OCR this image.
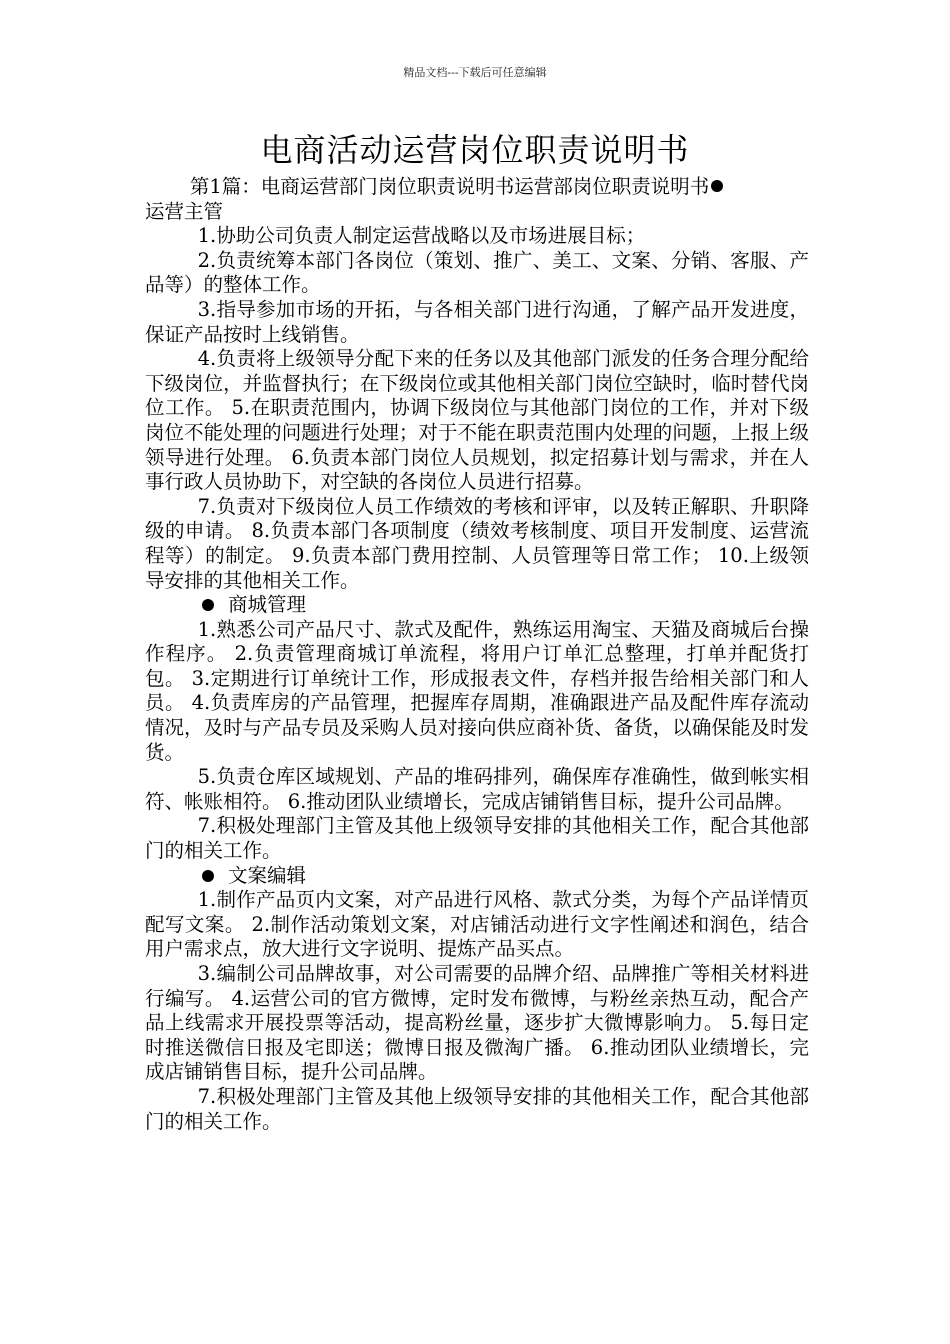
精品文档---下载后可任意编辑
电商活动运营岗位职责说明书

第1篇：电商运营部门岗位职责说明书运营部岗位职责说明书
运营主管

1.协助公司负责人制定运营战略以及市场进展目标；

2.负责统筹本部门各岗位（策划、推广、美工、文案、分销、客服、产品等）的整体工作。

3.指导参加市场的开拓，与各相关部门进行沟通，了解产品开发进度，保证产品按时上线销售。

4.负责将上级领导分配下来的任务以及其他部门派发的任务合理分配给下级岗位，并监督执行；在下级岗位或其他相关部门岗位空缺时，临时替代岗位工作。 5.在职责范围内，协调下级岗位与其他部门岗位的工作，并对下级岗位不能处理的问题进行处理；对于不能在职责范围内处理的问题，上报上级领导进行处理。 6.负责本部门岗位人员规划，拟定招募计划与需求，并在人事行政人员协助下，对空缺的各岗位人员进行招募。

7.负责对下级岗位人员工作绩效的考核和评审，以及转正解职、升职降级的申请。 8.负责本部门各项制度（绩效考核制度、项目开发制度、运营流程等）的制定。 9.负责本部门费用控制、人员管理等日常工作； 10.上级领导安排的其他相关工作。

商城管理

1.熟悉公司产品尺寸、款式及配件，熟练运用淘宝、天猫及商城后台操作程序。 2.负责管理商城订单流程，将用户订单汇总整理，打单并配货打包。 3.定期进行订单统计工作，形成报表文件，存档并报告给相关部门和人员。 4.负责库房的产品管理，把握库存周期，准确跟进产品及配件库存流动情况，及时与产品专员及采购人员对接向供应商补货、备货，以确保能及时发货。

5.负责仓库区域规划、产品的堆码排列，确保库存准确性，做到帐实相符、帐账相符。 6.推动团队业绩增长，完成店铺销售目标，提升公司品牌。

7.积极处理部门主管及其他上级领导安排的其他相关工作，配合其他部门的相关工作。

文案编辑

1.制作产品页内文案，对产品进行风格、款式分类，为每个产品详情页配写文案。 2.制作活动策划文案，对店铺活动进行文字性阐述和润色，结合用户需求点，放大进行文字说明、提炼产品买点。

3.编制公司品牌故事，对公司需要的品牌介绍、品牌推广等相关材料进行编写。 4.运营公司的官方微博，定时发布微博，与粉丝亲热互动，配合产品上线需求开展投票等活动，提高粉丝量，逐步扩大微博影响力。 5.每日定时推送微信日报及宅即送；微博日报及微淘广播。 6.推动团队业绩增长，完成店铺销售目标，提升公司品牌。

7.积极处理部门主管及其他上级领导安排的其他相关工作，配合其他部门的相关工作。
